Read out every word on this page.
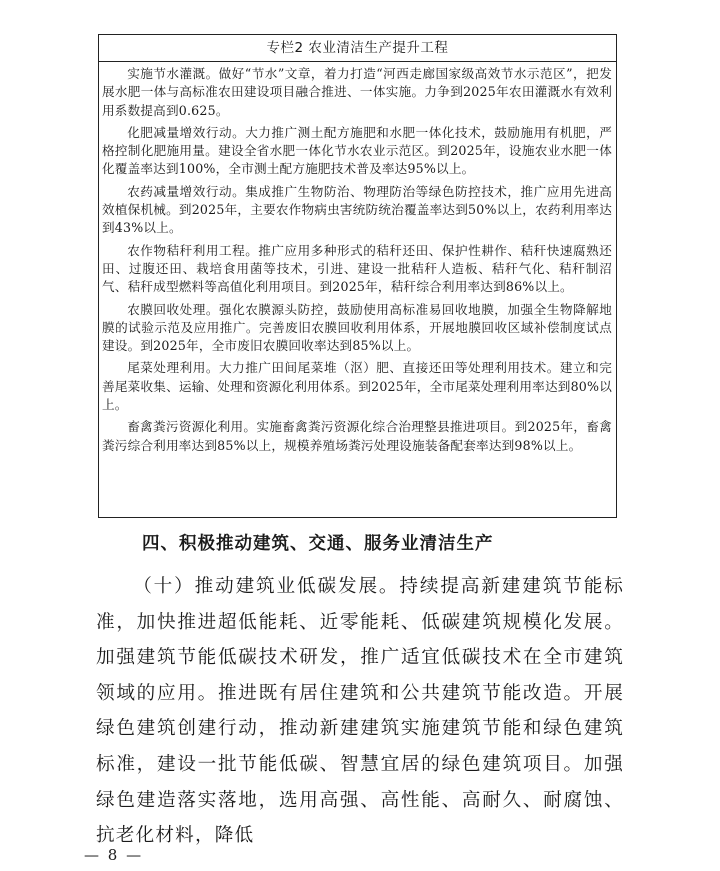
专栏2 农业清洁生产提升工程

实施节水灌溉。做好“节水”文章，着力打造“河西走廊国家级高效节水示范区”，把发展水肥一体与高标准农田建设项目融合推进、一体实施。力争到2025年农田灌溉水有效利用系数提高到0.625。

化肥减量增效行动。大力推广测土配方施肥和水肥一体化技术，鼓励施用有机肥，严格控制化肥施用量。建设全省水肥一体化节水农业示范区。到2025年，设施农业水肥一体化覆盖率达到100%，全市测土配方施肥技术普及率达95%以上。

农药减量增效行动。集成推广生物防治、物理防治等绿色防控技术，推广应用先进高效植保机械。到2025年，主要农作物病虫害统防统治覆盖率达到50%以上，农药利用率达到43%以上。

农作物秸秆利用工程。推广应用多种形式的秸秆还田、保护性耕作、秸秆快速腐熟还田、过腹还田、栽培食用菌等技术，引进、建设一批秸秆人造板、秸秆气化、秸秆制沼气、秸秆成型燃料等高值化利用项目。到2025年，秸秆综合利用率达到86%以上。

农膜回收处理。强化农膜源头防控，鼓励使用高标准易回收地膜，加强全生物降解地膜的试验示范及应用推广。完善废旧农膜回收利用体系，开展地膜回收区域补偿制度试点建设。到2025年，全市废旧农膜回收率达到85%以上。

尾菜处理利用。大力推广田间尾菜堆（沤）肥、直接还田等处理利用技术。建立和完善尾菜收集、运输、处理和资源化利用体系。到2025年，全市尾菜处理利用率达到80%以上。

畜禽粪污资源化利用。实施畜禽粪污资源化综合治理整县推进项目。到2025年，畜禽粪污综合利用率达到85%以上，规模养殖场粪污处理设施装备配套率达到98%以上。

四、积极推动建筑、交通、服务业清洁生产

（十）推动建筑业低碳发展。持续提高新建建筑节能标准，加快推进超低能耗、近零能耗、低碳建筑规模化发展。加强建筑节能低碳技术研发，推广适宜低碳技术在全市建筑领域的应用。推进既有居住建筑和公共建筑节能改造。开展绿色建筑创建行动，推动新建建筑实施建筑节能和绿色建筑标准，建设一批节能低碳、智慧宜居的绿色建筑项目。加强绿色建造落实落地，选用高强、高性能、高耐久、耐腐蚀、抗老化材料，降低

— 8 —
